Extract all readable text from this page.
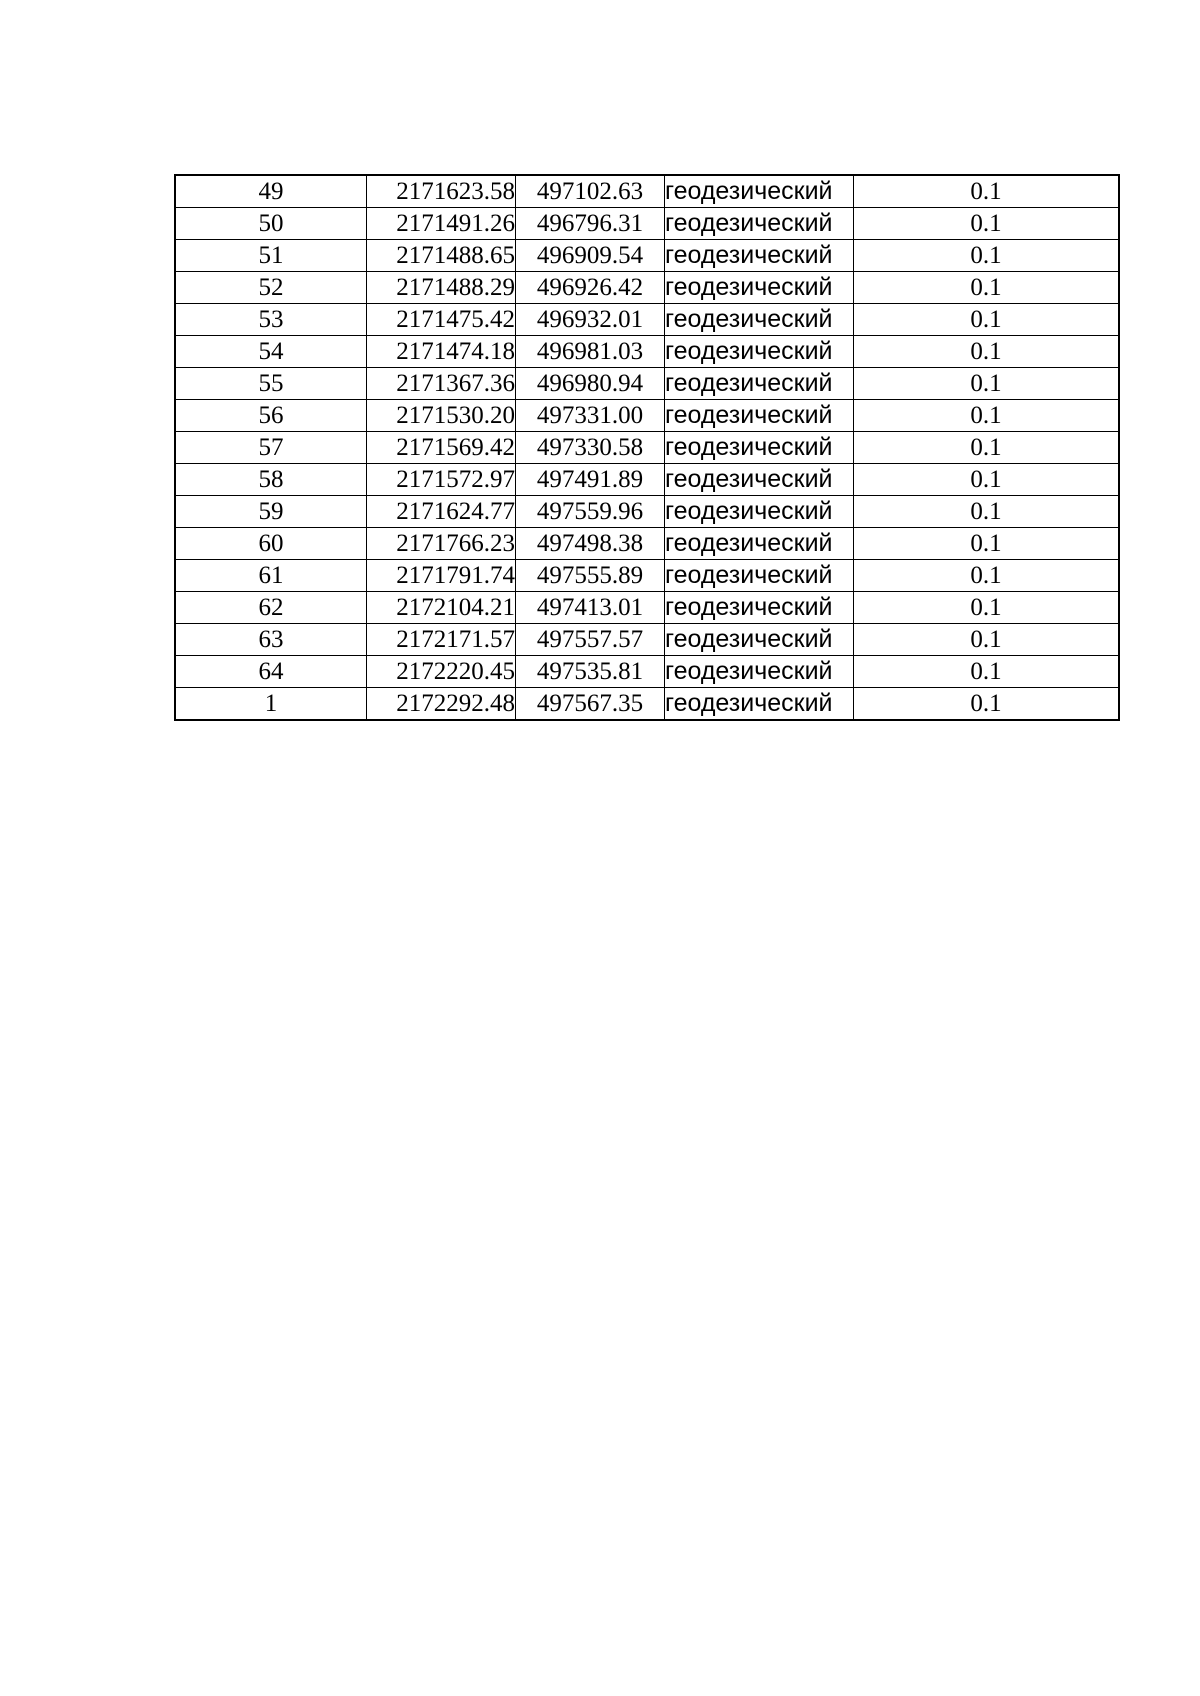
49	2171623.58	497102.63	геодезический	0.1
50	2171491.26	496796.31	геодезический	0.1
51	2171488.65	496909.54	геодезический	0.1
52	2171488.29	496926.42	геодезический	0.1
53	2171475.42	496932.01	геодезический	0.1
54	2171474.18	496981.03	геодезический	0.1
55	2171367.36	496980.94	геодезический	0.1
56	2171530.20	497331.00	геодезический	0.1
57	2171569.42	497330.58	геодезический	0.1
58	2171572.97	497491.89	геодезический	0.1
59	2171624.77	497559.96	геодезический	0.1
60	2171766.23	497498.38	геодезический	0.1
61	2171791.74	497555.89	геодезический	0.1
62	2172104.21	497413.01	геодезический	0.1
63	2172171.57	497557.57	геодезический	0.1
64	2172220.45	497535.81	геодезический	0.1
1	2172292.48	497567.35	геодезический	0.1
